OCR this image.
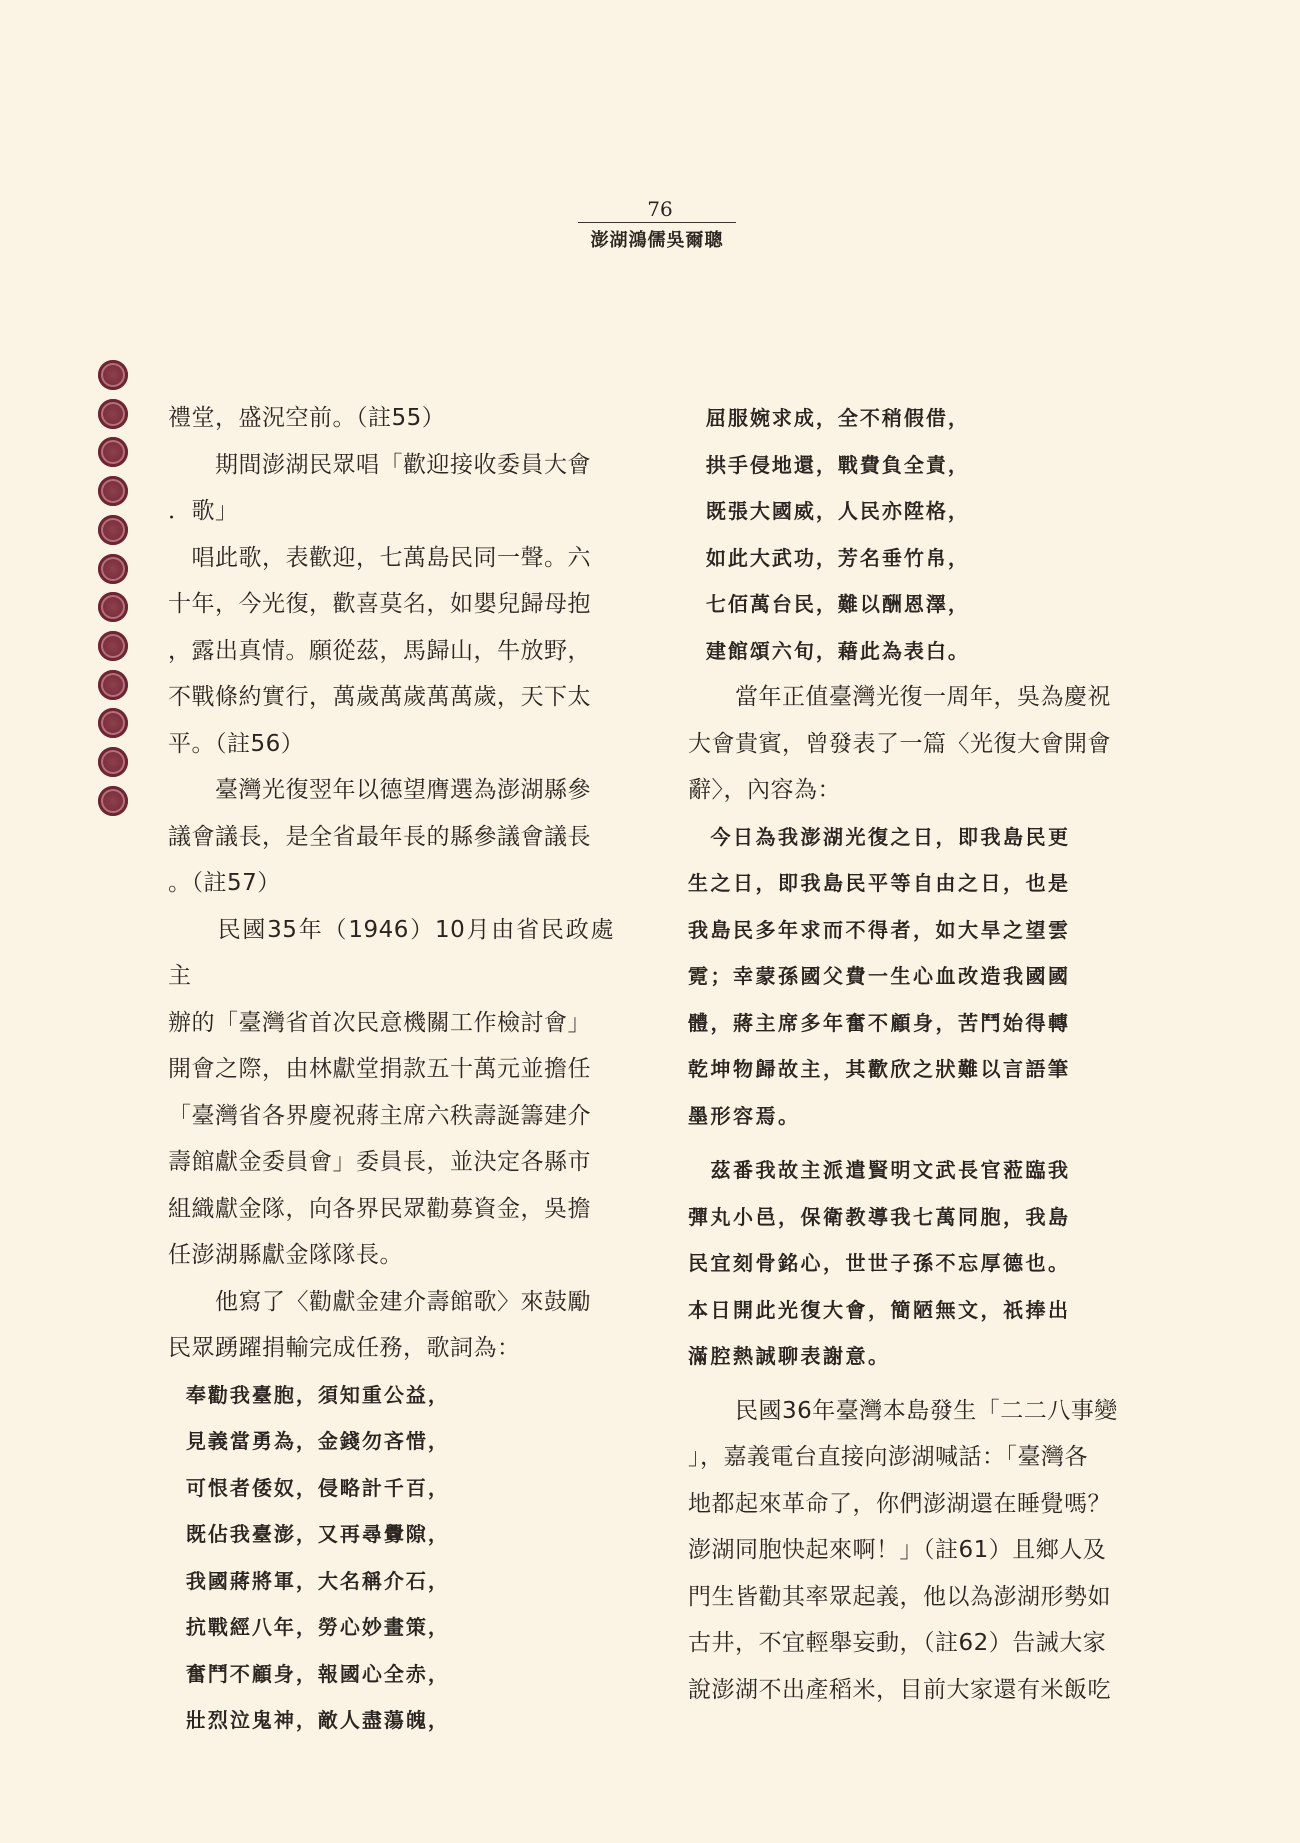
76
澎湖鴻儒吳爾聰

禮堂，盛況空前。（註55）

　　期間澎湖民眾唱「歡迎接收委員大會
．歌」

　唱此歌，表歡迎，七萬島民同一聲。六
十年，今光復，歡喜莫名，如嬰兒歸母抱
，露出真情。願從茲，馬歸山，牛放野，
不戰條約實行，萬歲萬歲萬萬歲，天下太
平。（註56）

　　臺灣光復翌年以德望膺選為澎湖縣參
議會議長，是全省最年長的縣參議會議長
。（註57）

　　民國35年（1946）10月由省民政處主
辦的「臺灣省首次民意機關工作檢討會」
開會之際，由林獻堂捐款五十萬元並擔任
「臺灣省各界慶祝蔣主席六秩壽誕籌建介
壽館獻金委員會」委員長，並決定各縣市
組織獻金隊，向各界民眾勸募資金，吳擔
任澎湖縣獻金隊隊長。

　　他寫了〈勸獻金建介壽館歌〉來鼓勵
民眾踴躍捐輸完成任務，歌詞為：

奉勸我臺胞，須知重公益，
見義當勇為，金錢勿吝惜，
可恨者倭奴，侵略計千百，
既佔我臺澎，又再尋釁隙，
我國蔣將軍，大名稱介石，
抗戰經八年，勞心妙畫策，
奮鬥不顧身，報國心全赤，
壯烈泣鬼神，敵人盡蕩魄，

屈服婉求成，全不稍假借，
拱手侵地還，戰費負全責，
既張大國威，人民亦陞格，
如此大武功，芳名垂竹帛，
七佰萬台民，難以酬恩澤，
建館頌六旬，藉此為表白。

　　當年正值臺灣光復一周年，吳為慶祝
大會貴賓，曾發表了一篇〈光復大會開會
辭〉，內容為：

　今日為我澎湖光復之日，即我島民更
生之日，即我島民平等自由之日，也是
我島民多年求而不得者，如大旱之望雲
霓；幸蒙孫國父費一生心血改造我國國
體，蔣主席多年奮不顧身，苦鬥始得轉
乾坤物歸故主，其歡欣之狀難以言語筆
墨形容焉。

　茲番我故主派遣賢明文武長官蒞臨我
彈丸小邑，保衛教導我七萬同胞，我島
民宜刻骨銘心，世世子孫不忘厚德也。
本日開此光復大會，簡陋無文，祇捧出
滿腔熱誠聊表謝意。

　　民國36年臺灣本島發生「二二八事變
」，嘉義電台直接向澎湖喊話：「臺灣各
地都起來革命了，你們澎湖還在睡覺嗎？
澎湖同胞快起來啊！」（註61）且鄉人及
門生皆勸其率眾起義，他以為澎湖形勢如
古井，不宜輕舉妄動，（註62）告誡大家
說澎湖不出產稻米，目前大家還有米飯吃
